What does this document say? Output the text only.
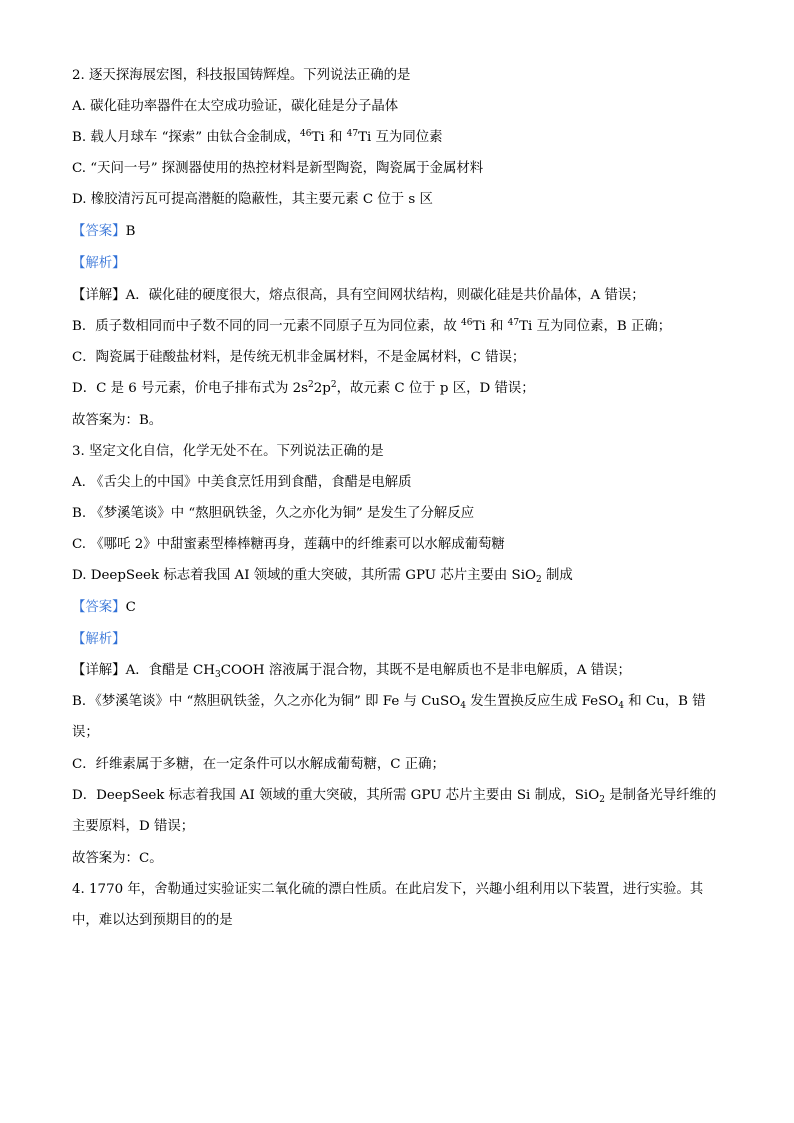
2. 逐天探海展宏图，科技报国铸辉煌。下列说法正确的是
A. 碳化硅功率器件在太空成功验证，碳化硅是分子晶体
B. 载人月球车 “探索” 由钛合金制成，$^{46}$Ti 和 $^{47}$Ti 互为同位素
C. “天问一号” 探测器使用的热控材料是新型陶瓷，陶瓷属于金属材料
D. 橡胶清污瓦可提高潜艇的隐蔽性，其主要元素 C 位于 s 区
【答案】B
【解析】
【详解】A．碳化硅的硬度很大，熔点很高，具有空间网状结构，则碳化硅是共价晶体，A 错误；
B．质子数相同而中子数不同的同一元素不同原子互为同位素，故 $^{46}$Ti 和 $^{47}$Ti 互为同位素，B 正确；
C．陶瓷属于硅酸盐材料，是传统无机非金属材料，不是金属材料，C 错误；
D．C 是 6 号元素，价电子排布式为 $2s^22p^2$，故元素 C 位于 p 区，D 错误；
故答案为：B。
3. 坚定文化自信，化学无处不在。下列说法正确的是
A. 《舌尖上的中国》中美食烹饪用到食醋，食醋是电解质
B. 《梦溪笔谈》中 “熬胆矾铁釜，久之亦化为铜” 是发生了分解反应
C. 《哪吒 2》中甜蜜素型棒棒糖再身，莲藕中的纤维素可以水解成葡萄糖
D. DeepSeek 标志着我国 AI 领域的重大突破，其所需 GPU 芯片主要由 SiO$_2$ 制成
【答案】C
【解析】
【详解】A．食醋是 $CH_3COOH$ 溶液属于混合物，其既不是电解质也不是非电解质，A 错误；
B．《梦溪笔谈》中 “熬胆矾铁釜，久之亦化为铜” 即 Fe 与 CuSO$_4$ 发生置换反应生成 FeSO$_4$ 和 Cu，B 错
误；
C．纤维素属于多糖，在一定条件可以水解成葡萄糖，C 正确；
D．DeepSeek 标志着我国 AI 领域的重大突破，其所需 GPU 芯片主要由 Si 制成，SiO$_2$ 是制备光导纤维的
主要原料，D 错误；
故答案为：C。
4. 1770 年，舍勒通过实验证实二氧化硫的漂白性质。在此启发下，兴趣小组利用以下装置，进行实验。其
中，难以达到预期目的的是
